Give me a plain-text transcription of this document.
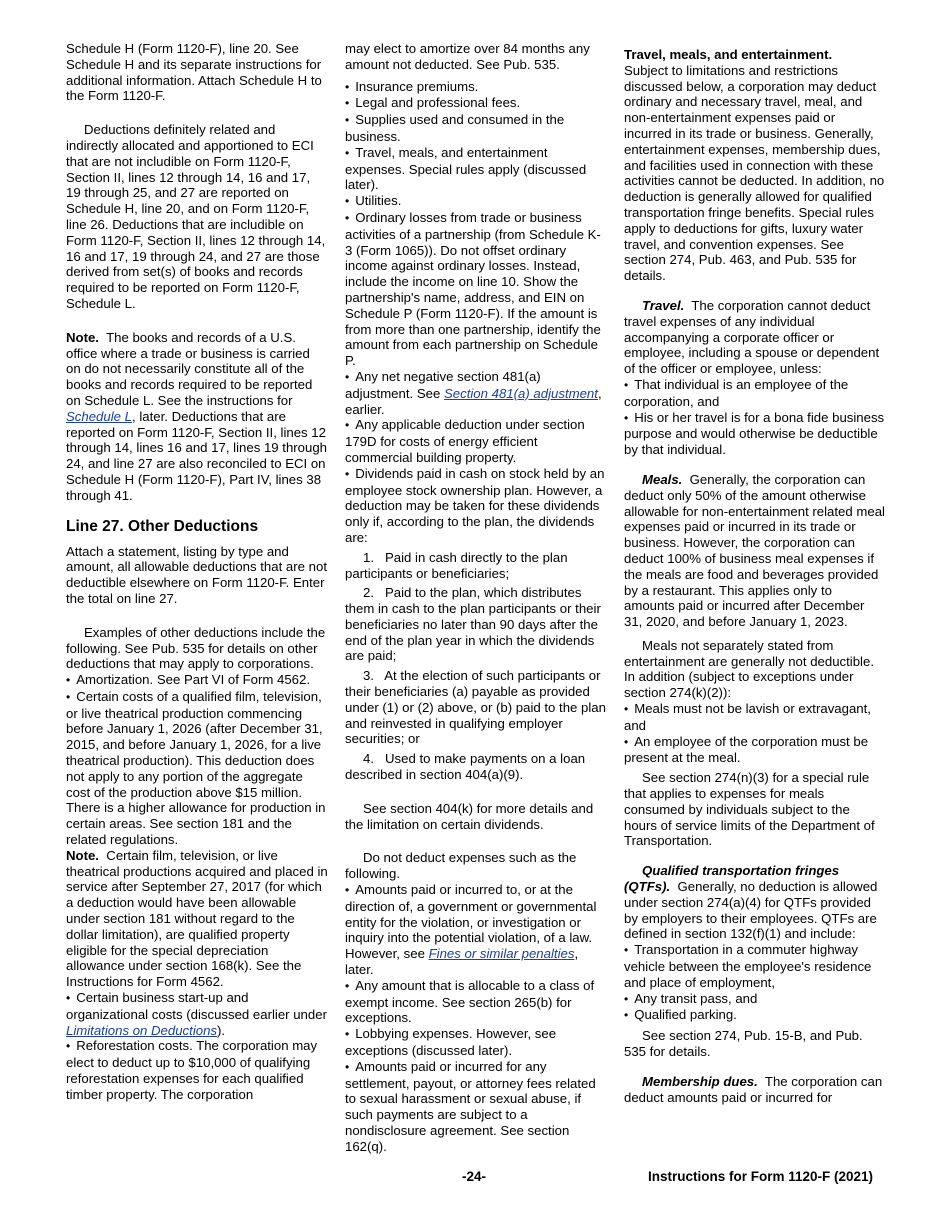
Schedule H (Form 1120-F), line 20. See Schedule H and its separate instructions for additional information. Attach Schedule H to the Form 1120-F.

Deductions definitely related and indirectly allocated and apportioned to ECI that are not includible on Form 1120-F, Section II, lines 12 through 14, 16 and 17, 19 through 25, and 27 are reported on Schedule H, line 20, and on Form 1120-F, line 26. Deductions that are includible on Form 1120-F, Section II, lines 12 through 14, 16 and 17, 19 through 24, and 27 are those derived from set(s) of books and records required to be reported on Form 1120-F, Schedule L.

Note. The books and records of a U.S. office where a trade or business is carried on do not necessarily constitute all of the books and records required to be reported on Schedule L. See the instructions for Schedule L, later. Deductions that are reported on Form 1120-F, Section II, lines 12 through 14, lines 16 and 17, lines 19 through 24, and line 27 are also reconciled to ECI on Schedule H (Form 1120-F), Part IV, lines 38 through 41.

Line 27. Other Deductions

Attach a statement, listing by type and amount, all allowable deductions that are not deductible elsewhere on Form 1120-F. Enter the total on line 27.

Examples of other deductions include the following. See Pub. 535 for details on other deductions that may apply to corporations.

• Amortization. See Part VI of Form 4562.

• Certain costs of a qualified film, television, or live theatrical production commencing before January 1, 2026 (after December 31, 2015, and before January 1, 2026, for a live theatrical production). This deduction does not apply to any portion of the aggregate cost of the production above $15 million. There is a higher allowance for production in certain areas. See section 181 and the related regulations.

Note. Certain film, television, or live theatrical productions acquired and placed in service after September 27, 2017 (for which a deduction would have been allowable under section 181 without regard to the dollar limitation), are qualified property eligible for the special depreciation allowance under section 168(k). See the Instructions for Form 4562.

• Certain business start-up and organizational costs (discussed earlier under Limitations on Deductions).

• Reforestation costs. The corporation may elect to deduct up to $10,000 of qualifying reforestation expenses for each qualified timber property. The corporation

may elect to amortize over 84 months any amount not deducted. See Pub. 535.

• Insurance premiums.

• Legal and professional fees.

• Supplies used and consumed in the business.

• Travel, meals, and entertainment expenses. Special rules apply (discussed later).

• Utilities.

• Ordinary losses from trade or business activities of a partnership (from Schedule K-3 (Form 1065)). Do not offset ordinary income against ordinary losses. Instead, include the income on line 10. Show the partnership's name, address, and EIN on Schedule P (Form 1120-F). If the amount is from more than one partnership, identify the amount from each partnership on Schedule P.

• Any net negative section 481(a) adjustment. See Section 481(a) adjustment, earlier.

• Any applicable deduction under section 179D for costs of energy efficient commercial building property.

• Dividends paid in cash on stock held by an employee stock ownership plan. However, a deduction may be taken for these dividends only if, according to the plan, the dividends are:

1.   Paid in cash directly to the plan participants or beneficiaries;

2.   Paid to the plan, which distributes them in cash to the plan participants or their beneficiaries no later than 90 days after the end of the plan year in which the dividends are paid;

3.   At the election of such participants or their beneficiaries (a) payable as provided under (1) or (2) above, or (b) paid to the plan and reinvested in qualifying employer securities; or

4.   Used to make payments on a loan described in section 404(a)(9).

See section 404(k) for more details and the limitation on certain dividends.

Do not deduct expenses such as the following.

• Amounts paid or incurred to, or at the direction of, a government or governmental entity for the violation, or investigation or inquiry into the potential violation, of a law. However, see Fines or similar penalties, later.

• Any amount that is allocable to a class of exempt income. See section 265(b) for exceptions.

• Lobbying expenses. However, see exceptions (discussed later).

• Amounts paid or incurred for any settlement, payout, or attorney fees related to sexual harassment or sexual abuse, if such payments are subject to a nondisclosure agreement. See section 162(q).

Travel, meals, and entertainment.

Subject to limitations and restrictions discussed below, a corporation may deduct ordinary and necessary travel, meal, and non-entertainment expenses paid or incurred in its trade or business. Generally, entertainment expenses, membership dues, and facilities used in connection with these activities cannot be deducted. In addition, no deduction is generally allowed for qualified transportation fringe benefits. Special rules apply to deductions for gifts, luxury water travel, and convention expenses. See section 274, Pub. 463, and Pub. 535 for details.

Travel. The corporation cannot deduct travel expenses of any individual accompanying a corporate officer or employee, including a spouse or dependent of the officer or employee, unless:

• That individual is an employee of the corporation, and

• His or her travel is for a bona fide business purpose and would otherwise be deductible by that individual.

Meals. Generally, the corporation can deduct only 50% of the amount otherwise allowable for non-entertainment related meal expenses paid or incurred in its trade or business. However, the corporation can deduct 100% of business meal expenses if the meals are food and beverages provided by a restaurant. This applies only to amounts paid or incurred after December 31, 2020, and before January 1, 2023.

Meals not separately stated from entertainment are generally not deductible. In addition (subject to exceptions under section 274(k)(2)):

• Meals must not be lavish or extravagant, and

• An employee of the corporation must be present at the meal.

See section 274(n)(3) for a special rule that applies to expenses for meals consumed by individuals subject to the hours of service limits of the Department of Transportation.

Qualified transportation fringes (QTFs). Generally, no deduction is allowed under section 274(a)(4) for QTFs provided by employers to their employees. QTFs are defined in section 132(f)(1) and include:

• Transportation in a commuter highway vehicle between the employee's residence and place of employment,

• Any transit pass, and

• Qualified parking.

See section 274, Pub. 15-B, and Pub. 535 for details.

Membership dues. The corporation can deduct amounts paid or incurred for

-24-	Instructions for Form 1120-F (2021)
